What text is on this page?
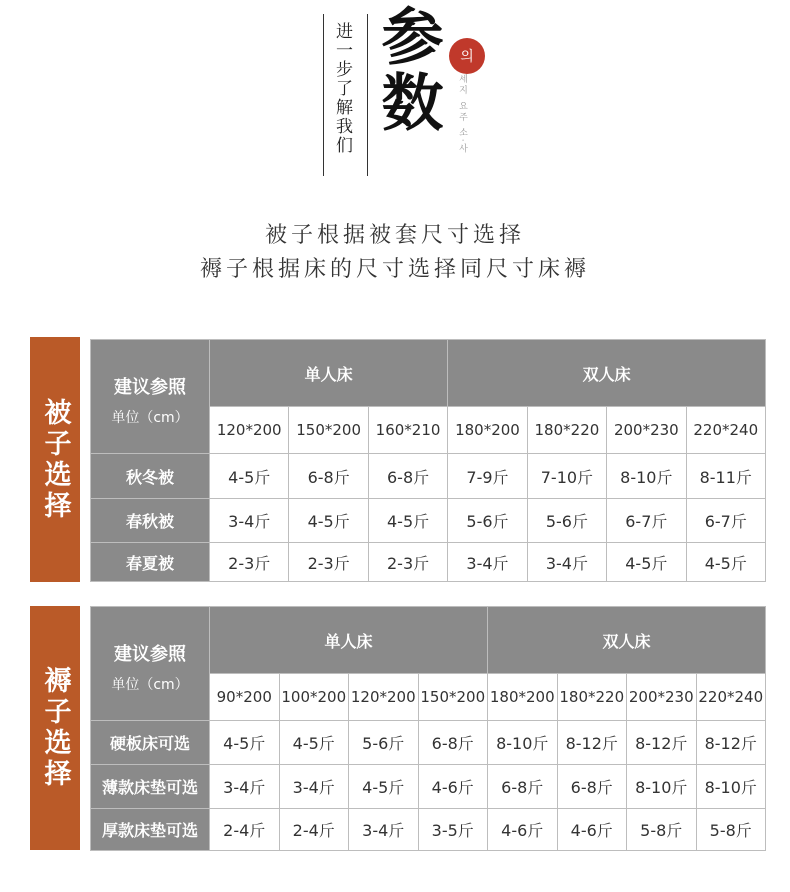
进一步了解我们 参数 의
세지 요주 소·사
被子根据被套尺寸选择
褥子根据床的尺寸选择同尺寸床褥
被子选择
建议参照
单位（cm）	单人床			双人床			
	120*200	150*200	160*210	180*200	180*220	200*230	220*240
秋冬被	4-5斤	6-8斤	6-8斤	7-9斤	7-10斤	8-10斤	8-11斤
春秋被	3-4斤	4-5斤	4-5斤	5-6斤	5-6斤	6-7斤	6-7斤
春夏被	2-3斤	2-3斤	2-3斤	3-4斤	3-4斤	4-5斤	4-5斤
褥子选择
建议参照
单位（cm）	单人床				双人床			
	90*200	100*200	120*200	150*200	180*200	180*220	200*230	220*240
硬板床可选	4-5斤	4-5斤	5-6斤	6-8斤	8-10斤	8-12斤	8-12斤	8-12斤
薄款床垫可选	3-4斤	3-4斤	4-5斤	4-6斤	6-8斤	6-8斤	8-10斤	8-10斤
厚款床垫可选	2-4斤	2-4斤	3-4斤	3-5斤	4-6斤	4-6斤	5-8斤	5-8斤
